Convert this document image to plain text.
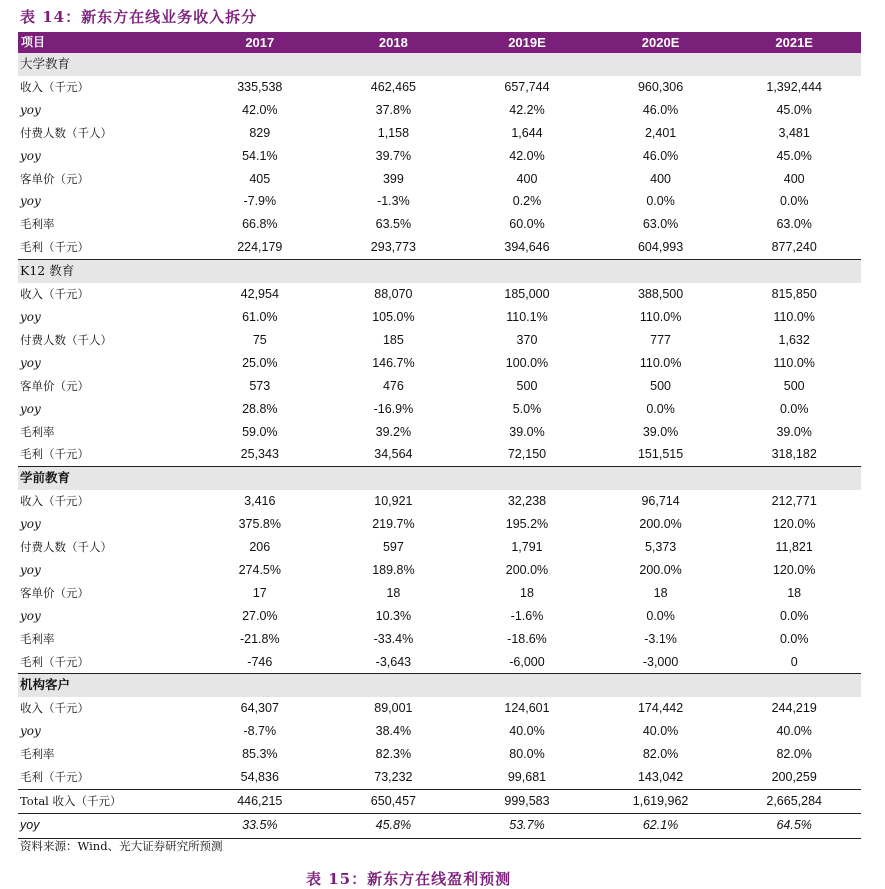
表 14：新东方在线业务收入拆分
项目	2017	2018	2019E	2020E	2021E
大学教育					
收入（千元）	335,538	462,465	657,744	960,306	1,392,444
yoy	42.0%	37.8%	42.2%	46.0%	45.0%
付费人数（千人）	829	1,158	1,644	2,401	3,481
yoy	54.1%	39.7%	42.0%	46.0%	45.0%
客单价（元）	405	399	400	400	400
yoy	-7.9%	-1.3%	0.2%	0.0%	0.0%
毛利率	66.8%	63.5%	60.0%	63.0%	63.0%
毛利（千元）	224,179	293,773	394,646	604,993	877,240
K12 教育					
收入（千元）	42,954	88,070	185,000	388,500	815,850
yoy	61.0%	105.0%	110.1%	110.0%	110.0%
付费人数（千人）	75	185	370	777	1,632
yoy	25.0%	146.7%	100.0%	110.0%	110.0%
客单价（元）	573	476	500	500	500
yoy	28.8%	-16.9%	5.0%	0.0%	0.0%
毛利率	59.0%	39.2%	39.0%	39.0%	39.0%
毛利（千元）	25,343	34,564	72,150	151,515	318,182
学前教育					
收入（千元）	3,416	10,921	32,238	96,714	212,771
yoy	375.8%	219.7%	195.2%	200.0%	120.0%
付费人数（千人）	206	597	1,791	5,373	11,821
yoy	274.5%	189.8%	200.0%	200.0%	120.0%
客单价（元）	17	18	18	18	18
yoy	27.0%	10.3%	-1.6%	0.0%	0.0%
毛利率	-21.8%	-33.4%	-18.6%	-3.1%	0.0%
毛利（千元）	-746	-3,643	-6,000	-3,000	0
机构客户					
收入（千元）	64,307	89,001	124,601	174,442	244,219
yoy	-8.7%	38.4%	40.0%	40.0%	40.0%
毛利率	85.3%	82.3%	80.0%	82.0%	82.0%
毛利（千元）	54,836	73,232	99,681	143,042	200,259
Total 收入（千元）	446,215	650,457	999,583	1,619,962	2,665,284
yoy	33.5%	45.8%	53.7%	62.1%	64.5%
资料来源：Wind、光大证券研究所预测
表 15：新东方在线盈利预测
